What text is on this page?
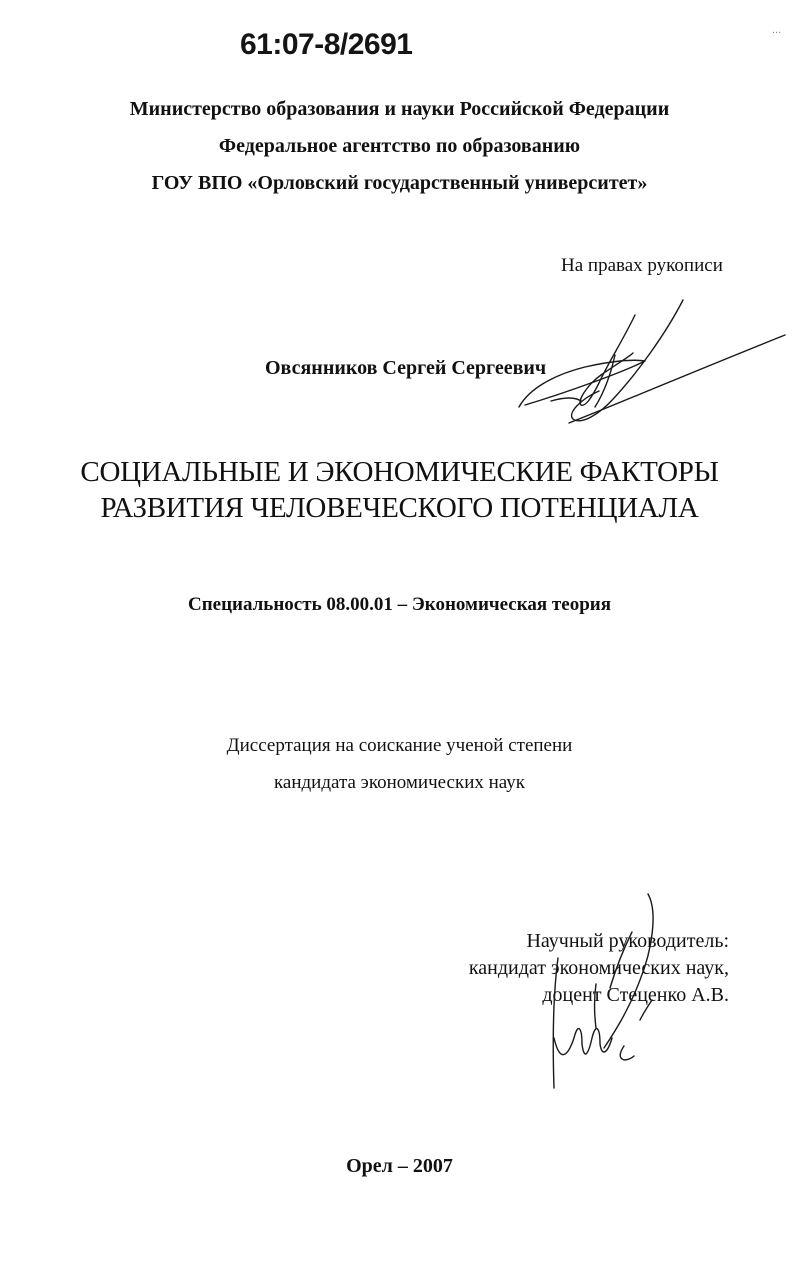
61:07-8/2691	...
Министерство образования и науки Российской Федерации
Федеральное агентство по образованию
ГОУ ВПО «Орловский государственный университет»
На правах рукописи
Овсянников Сергей Сергеевич
СОЦИАЛЬНЫЕ И ЭКОНОМИЧЕСКИЕ ФАКТОРЫ
РАЗВИТИЯ ЧЕЛОВЕЧЕСКОГО ПОТЕНЦИАЛА
Специальность 08.00.01 – Экономическая теория
Диссертация на соискание ученой степени
кандидата экономических наук
Научный руководитель:
кандидат экономических наук,
доцент Стеценко А.В.
Орел – 2007
